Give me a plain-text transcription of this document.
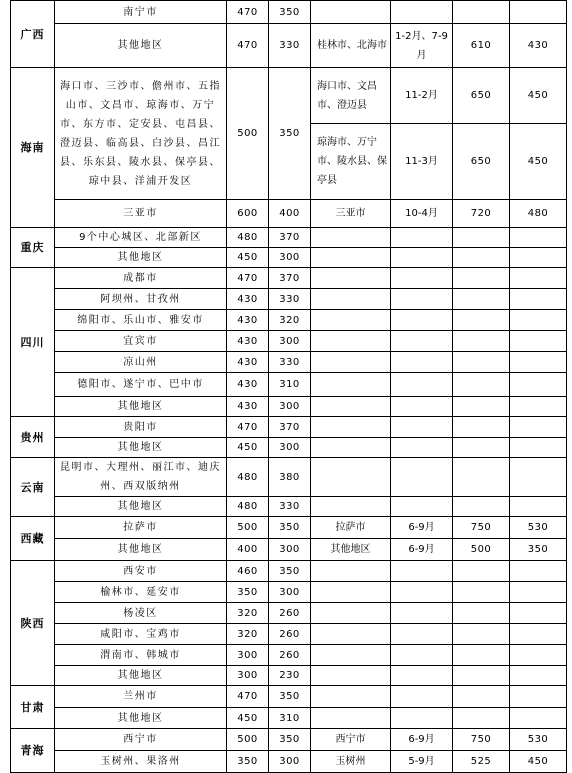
广西	南宁市	470	350				
	其他地区	470	330	桂林市、北海市	1-2月、7-9月	610	430
海南	海口市、三沙市、儋州市、五指山市、文昌市、琼海市、万宁市、东方市、定安县、屯昌县、澄迈县、临高县、白沙县、昌江县、乐东县、陵水县、保亭县、琼中县、洋浦开发区	500	350	海口市、文昌市、澄迈县	11-2月	650	450
				琼海市、万宁市、陵水县、保亭县	11-3月	650	450
	三亚市	600	400	三亚市	10-4月	720	480
重庆	9个中心城区、北部新区	480	370				
	其他地区	450	300				
四川	成都市	470	370				
	阿坝州、甘孜州	430	330				
	绵阳市、乐山市、雅安市	430	320				
	宜宾市	430	300				
	凉山州	430	330				
	德阳市、遂宁市、巴中市	430	310				
	其他地区	430	300				
贵州	贵阳市	470	370				
	其他地区	450	300				
云南	昆明市、大理州、丽江市、迪庆州、西双版纳州	480	380				
	其他地区	480	330				
西藏	拉萨市	500	350	拉萨市	6-9月	750	530
	其他地区	400	300	其他地区	6-9月	500	350
陕西	西安市	460	350				
	榆林市、延安市	350	300				
	杨凌区	320	260				
	咸阳市、宝鸡市	320	260				
	渭南市、韩城市	300	260				
	其他地区	300	230				
甘肃	兰州市	470	350				
	其他地区	450	310				
青海	西宁市	500	350	西宁市	6-9月	750	530
	玉树州、果洛州	350	300	玉树州	5-9月	525	450
